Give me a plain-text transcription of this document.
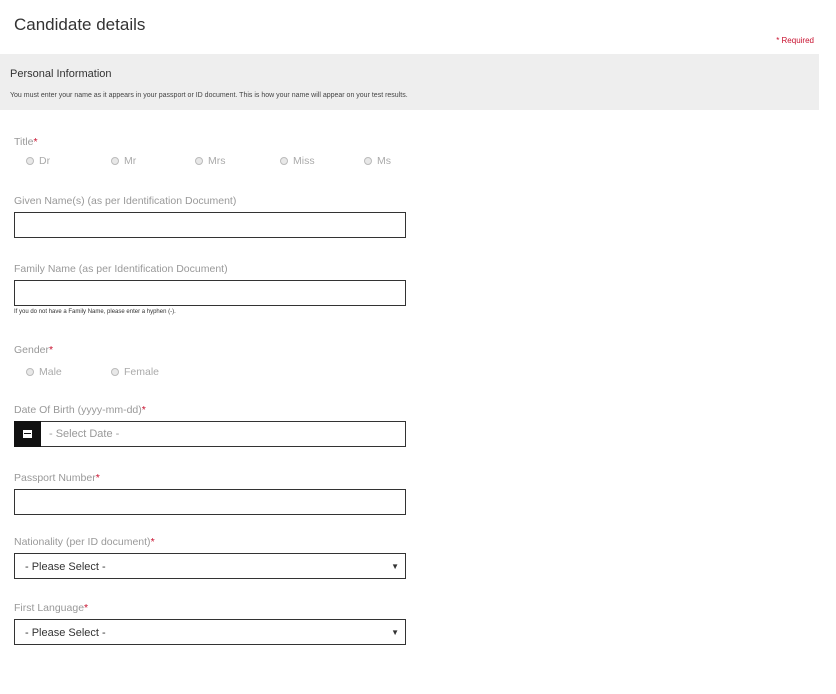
Candidate details
* Required
Personal Information
You must enter your name as it appears in your passport or ID document. This is how your name will appear on your test results.
Title*
Dr	Mr	Mrs	Miss	Ms
Given Name(s) (as per Identification Document)
Family Name (as per Identification Document)
If you do not have a Family Name, please enter a hyphen (-).
Gender*
Male	Female
Date Of Birth (yyyy-mm-dd)*
- Select Date -
Passport Number*
Nationality (per ID document)*
- Please Select -	▼
First Language*
- Please Select -	▼
